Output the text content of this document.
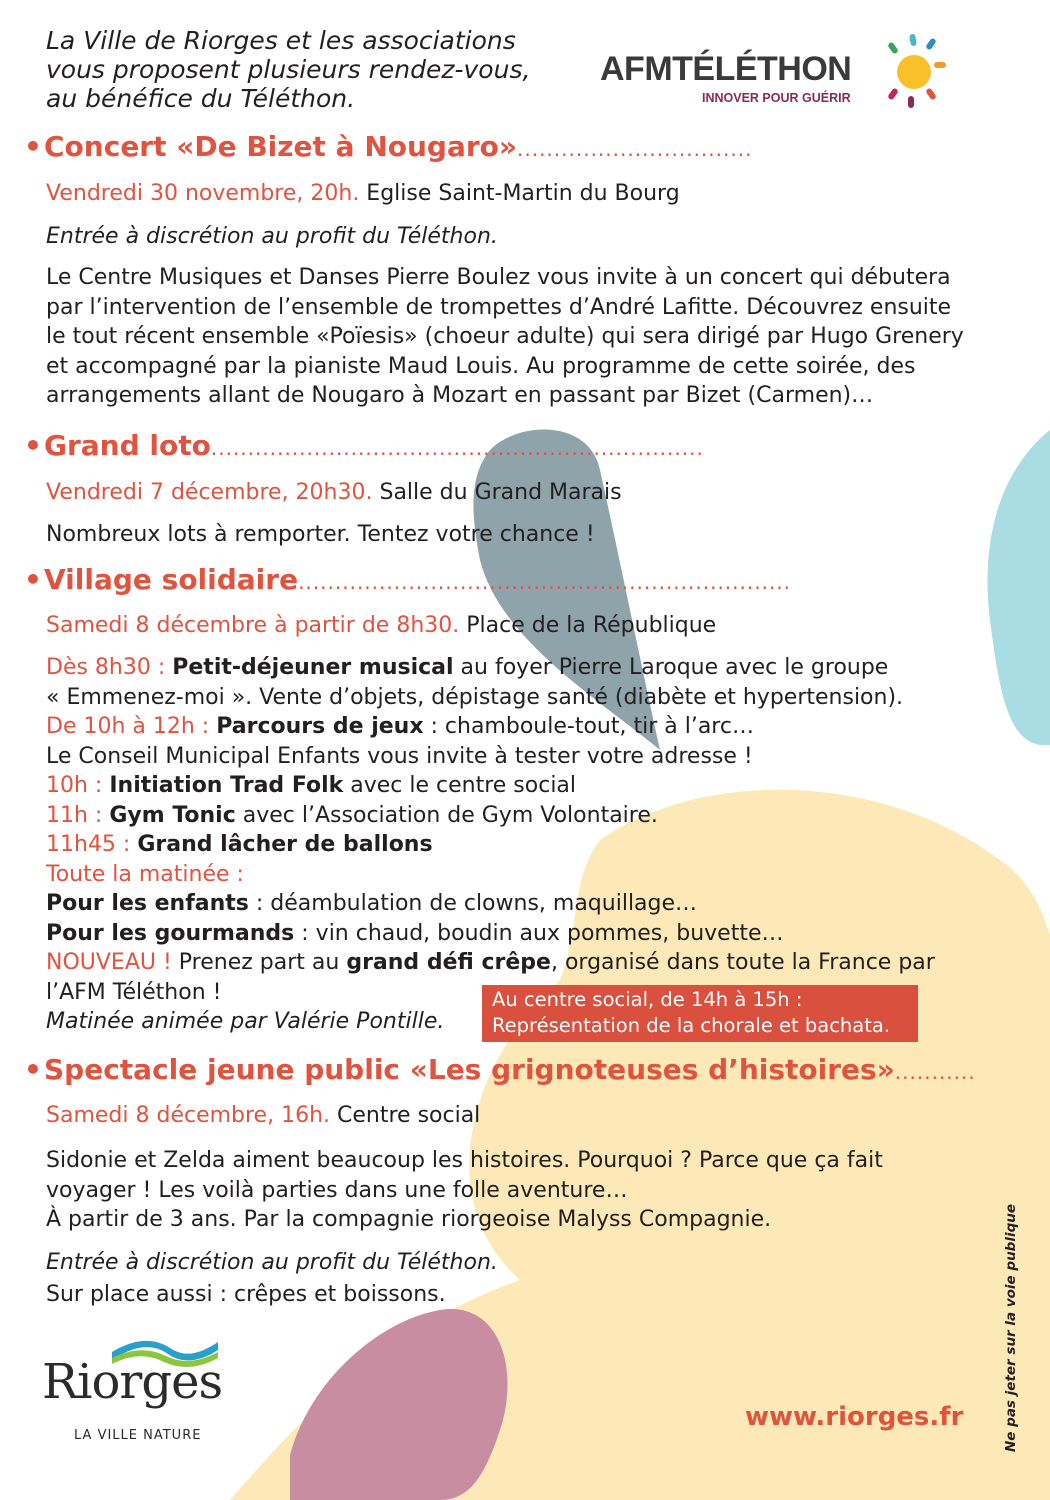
La Ville de Riorges et les associations
vous proposent plusieurs rendez-vous,
au bénéfice du Téléthon.
AFMTÉLÉTHON
INNOVER POUR GUÉRIR
•Concert «De Bizet à Nougaro»................................
Vendredi 30 novembre, 20h. Eglise Saint-Martin du Bourg
Entrée à discrétion au profit du Téléthon.
Le Centre Musiques et Danses Pierre Boulez vous invite à un concert qui débutera
par l’intervention de l’ensemble de trompettes d’André Lafitte. Découvrez ensuite
le tout récent ensemble «Poïesis» (choeur adulte) qui sera dirigé par Hugo Grenery
et accompagné par la pianiste Maud Louis. Au programme de cette soirée, des
arrangements allant de Nougaro à Mozart en passant par Bizet (Carmen)…
•Grand loto...................................................................
Vendredi 7 décembre, 20h30. Salle du Grand Marais
Nombreux lots à remporter. Tentez votre chance !
•Village solidaire...................................................................
Samedi 8 décembre à partir de 8h30. Place de la République
Dès 8h30 : Petit-déjeuner musical au foyer Pierre Laroque avec le groupe
« Emmenez-moi ». Vente d’objets, dépistage santé (diabète et hypertension).
De 10h à 12h : Parcours de jeux : chamboule-tout, tir à l’arc…
Le Conseil Municipal Enfants vous invite à tester votre adresse !
10h : Initiation Trad Folk avec le centre social
11h : Gym Tonic avec l’Association de Gym Volontaire.
11h45 : Grand lâcher de ballons
Toute la matinée :
Pour les enfants : déambulation de clowns, maquillage…
Pour les gourmands : vin chaud, boudin aux pommes, buvette…
NOUVEAU ! Prenez part au grand défi crêpe, organisé dans toute la France par
l’AFM Téléthon !
Matinée animée par Valérie Pontille.
Au centre social, de 14h à 15h :
Représentation de la chorale et bachata.
•Spectacle jeune public «Les grignoteuses d’histoires»...........
Samedi 8 décembre, 16h. Centre social
Sidonie et Zelda aiment beaucoup les histoires. Pourquoi ? Parce que ça fait
voyager ! Les voilà parties dans une folle aventure…
À partir de 3 ans. Par la compagnie riorgeoise Malyss Compagnie.
Entrée à discrétion au profit du Téléthon.
Sur place aussi : crêpes et boissons.
Riorges
LA VILLE NATURE
www.riorges.fr	Ne pas jeter sur la voie publique
